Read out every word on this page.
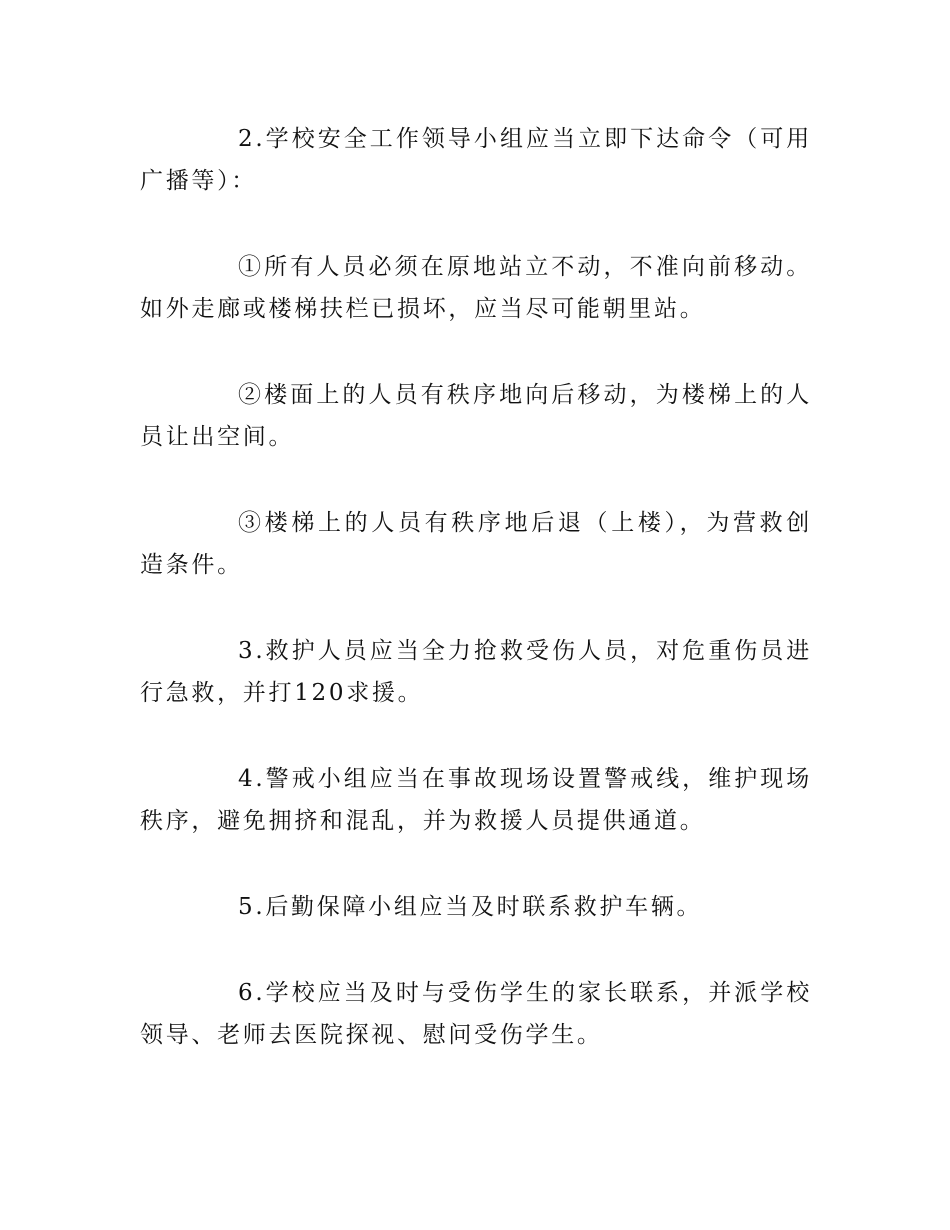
2.学校安全工作领导小组应当立即下达命令（可用广播等）：

①所有人员必须在原地站立不动，不准向前移动。如外走廊或楼梯扶栏已损坏，应当尽可能朝里站。

②楼面上的人员有秩序地向后移动，为楼梯上的人员让出空间。

③楼梯上的人员有秩序地后退（上楼），为营救创造条件。

3.救护人员应当全力抢救受伤人员，对危重伤员进行急救，并打120求援。

4.警戒小组应当在事故现场设置警戒线，维护现场秩序，避免拥挤和混乱，并为救援人员提供通道。

5.后勤保障小组应当及时联系救护车辆。

6.学校应当及时与受伤学生的家长联系，并派学校领导、老师去医院探视、慰问受伤学生。
